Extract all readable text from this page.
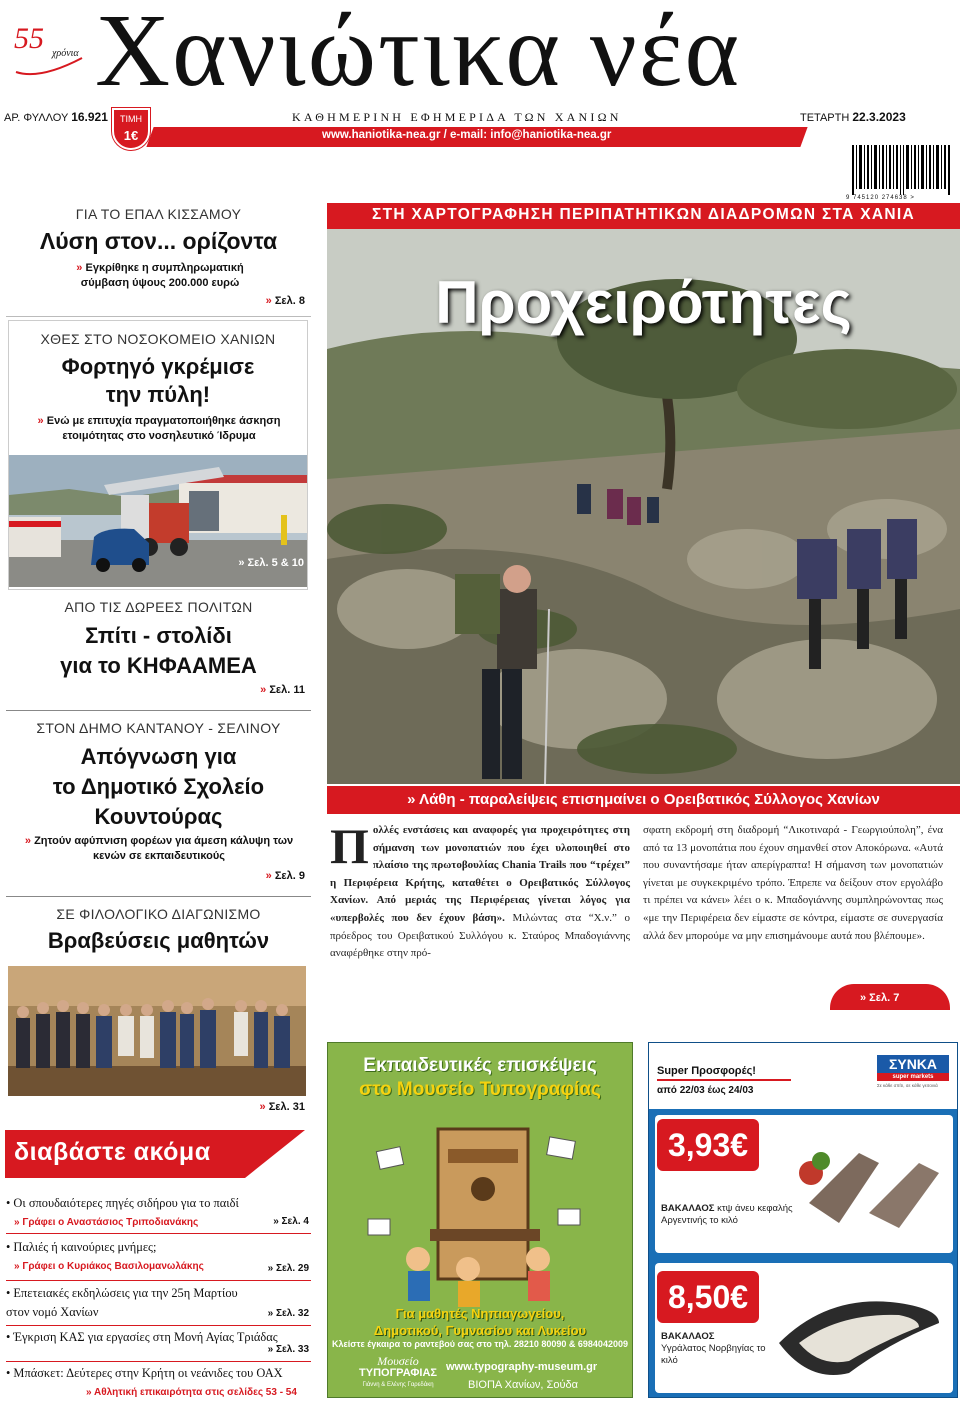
55 χρόνια Χανιώτικα νέα
ΑΡ. ΦΥΛΛΟΥ 16.921	ΤΙΜΗ
1€
ΚΑΘΗΜΕΡΙΝΗ ΕΦΗΜΕΡΙΔΑ ΤΩΝ ΧΑΝΙΩΝ	ΤΕΤΑΡΤΗ 22.3.2023
www.haniotika-nea.gr / e-mail: info@haniotika-nea.gr
9 745120 274638 >
ΓΙΑ ΤΟ ΕΠΑΛ ΚΙΣΣΑΜΟΥ
Λύση στον... ορίζοντα
» Εγκρίθηκε η συμπληρωματική σύμβαση ύψους 200.000 ευρώ
» Σελ. 8
ΧΘΕΣ ΣΤΟ ΝΟΣΟΚΟΜΕΙΟ ΧΑΝΙΩΝ
Φορτηγό γκρέμισε
την πύλη!
» Ενώ με επιτυχία πραγματοποιήθηκε άσκηση ετοιμότητας στο νοσηλευτικό Ίδρυμα
» Σελ. 5 & 10
ΑΠΟ ΤΙΣ ΔΩΡΕΕΣ ΠΟΛΙΤΩΝ
Σπίτι - στολίδι
για το ΚΗΦΑΑΜΕΑ
» Σελ. 11
ΣΤΟΝ ΔΗΜΟ ΚΑΝΤΑΝΟΥ - ΣΕΛΙΝΟΥ
Απόγνωση για
το Δημοτικό Σχολείο
Κουντούρας
» Ζητούν αφύπνιση φορέων για άμεση κάλυψη των κενών σε εκπαιδευτικούς
» Σελ. 9
ΣΕ ΦΙΛΟΛΟΓΙΚΟ ΔΙΑΓΩΝΙΣΜΟ
Βραβεύσεις μαθητών
» Σελ. 31
διαβάστε ακόμα
• Οι σπουδαιότερες πηγές σιδήρου για το παιδί
» Γράφει ο Αναστάσιος Τριποδιανάκης	» Σελ. 4
• Παλιές ή καινούριες μνήμες;
» Γράφει ο Κυριάκος Βασιλομανωλάκης	» Σελ. 29
• Επετειακές εκδηλώσεις για την 25η Μαρτίου στον νομό Χανίων	» Σελ. 32
• Έγκριση ΚΑΣ για εργασίες στη Μονή Αγίας Τριάδας
» Σελ. 33
• Μπάσκετ: Δεύτερες στην Κρήτη οι νεάνιδες του ΟΑΧ
» Αθλητική επικαιρότητα στις σελίδες 53 - 54
ΣΤΗ ΧΑΡΤΟΓΡΑΦΗΣΗ ΠΕΡΙΠΑΤΗΤΙΚΩΝ ΔΙΑΔΡΟΜΩΝ ΣΤΑ ΧΑΝΙΑ
Προχειρότητες
» Λάθη - παραλείψεις επισημαίνει ο Ορειβατικός Σύλλογος Χανίων
Πολλές ενστάσεις και αναφορές για προχειρότητες στη σήμανση των μονοπατιών που έχει υλοποιηθεί στο πλαίσιο της πρωτοβουλίας Chania Trails που “τρέχει” η Περιφέρεια Κρήτης, καταθέτει ο Ορειβατικός Σύλλογος Χανίων. Από μεριάς της Περιφέρειας γίνεται λόγος για «υπερβολές που δεν έχουν βάση». Μιλώντας στα “Χ.ν.” ο πρόεδρος του Ορειβατικού Συλλόγου κ. Σταύρος Μπαδογιάννης αναφέρθηκε στην πρό-
σφατη εκδρομή στη διαδρομή “Λικοτιναρά - Γεωργιούπολη”, ένα από τα 13 μονοπάτια που έχουν σημανθεί στον Αποκόρωνα. «Αυτά που συναντήσαμε ήταν απερίγραπτα! Η σήμανση των μονοπατιών γίνεται με συγκεκριμένο τρόπο. Έπρεπε να δείξουν στον εργολάβο τι πρέπει να κάνει» λέει ο κ. Μπαδογιάννης συμπληρώνοντας πως «με την Περιφέρεια δεν είμαστε σε κόντρα, είμαστε σε συνεργασία αλλά δεν μπορούμε να μην επισημάνουμε αυτά που βλέπουμε».
» Σελ. 7
Εκπαιδευτικές επισκέψεις
στο Μουσείο Τυπογραφίας
Για μαθητές Νηπιαγωγείου,
Δημοτικού, Γυμνασίου και Λυκείου
Κλείστε έγκαιρα το ραντεβού σας στο τηλ. 28210 80090 & 6984042009
Μουσείο
ΤΥΠΟΓΡΑΦΙΑΣ
Γιάννη & Ελένης Γαρεδάκη
www.typography-museum.gr
ΒΙΟΠΑ Χανίων, Σούδα
Super Προσφορές!
από 22/03 έως 24/03
ΣΥΝΚΑ
super markets
Σε κάθε σπίτι, σε κάθε γειτονιά
3,93€
ΒΑΚΑΛΑΟΣ κτψ άνευ κεφαλής Αργεντινής το κιλό
8,50€
ΒΑΚΑΛΑΟΣ
Υγράλατος Νορβηγίας το κιλό
